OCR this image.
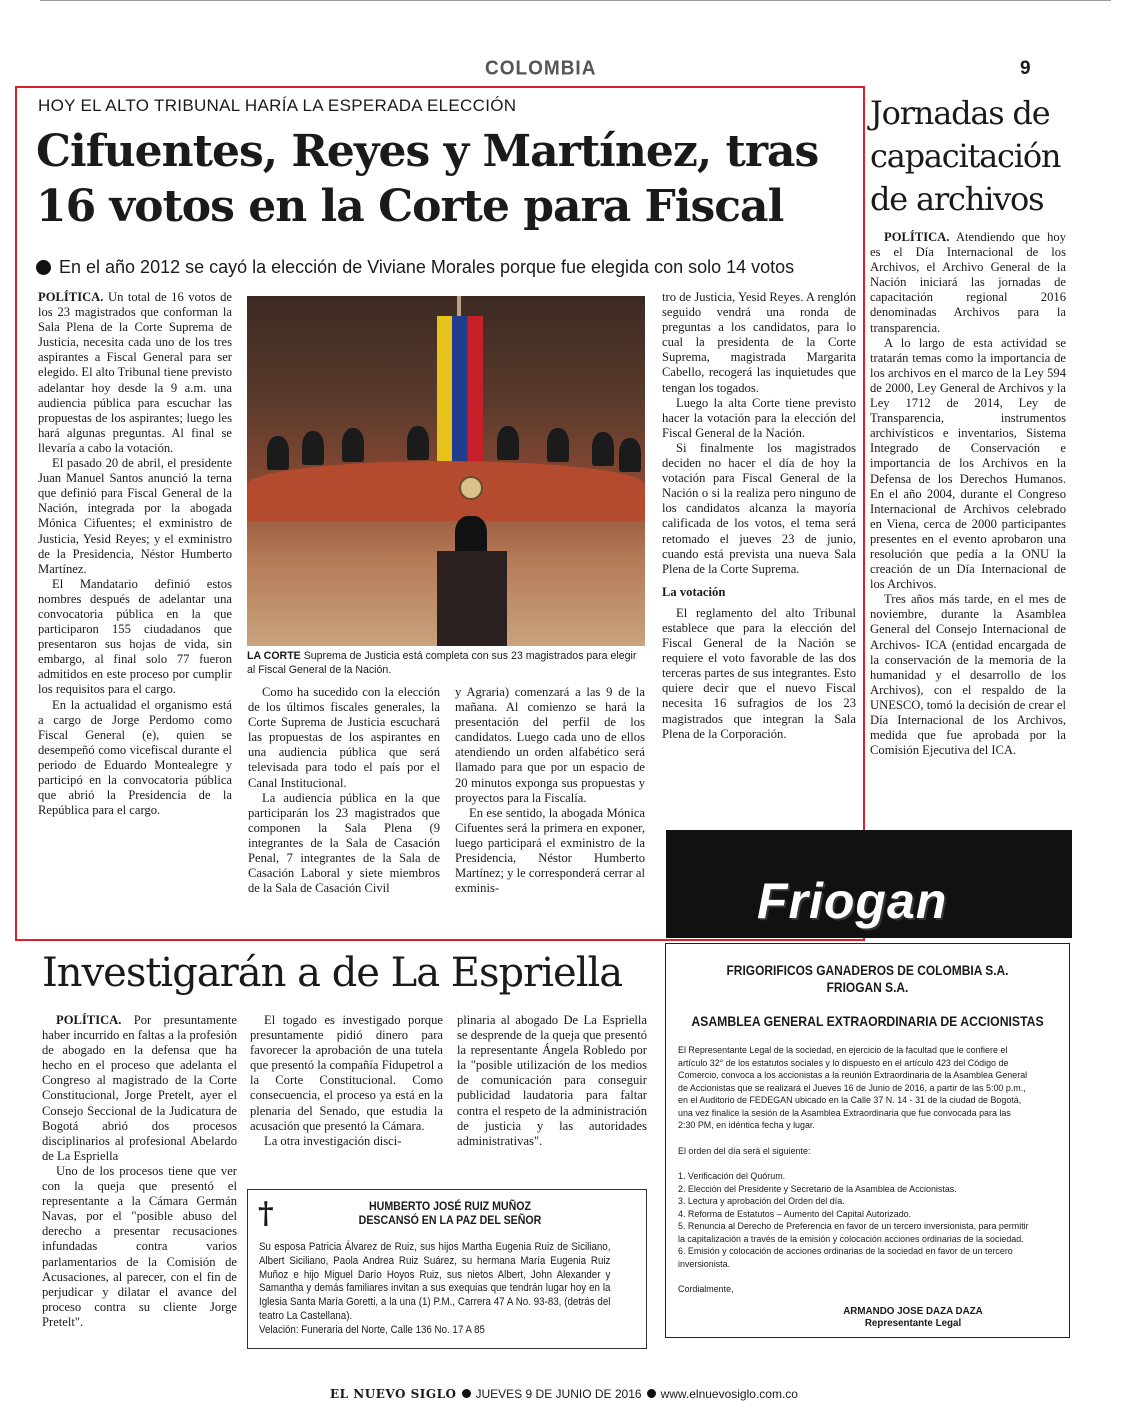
COLOMBIA	9
HOY EL ALTO TRIBUNAL HARÍA LA ESPERADA ELECCIÓN
Cifuentes, Reyes y Martínez, tras
16 votos en la Corte para Fiscal
En el año 2012 se cayó la elección de Viviane Morales porque fue elegida con solo 14 votos

POLÍTICA. Un total de 16 votos de los 23 magistrados que conforman la Sala Plena de la Corte Suprema de Justicia, necesita cada uno de los tres aspirantes a Fiscal General para ser elegido. El alto Tribunal tiene previsto adelantar hoy desde la 9 a.m. una audiencia pública para escuchar las propuestas de los aspirantes; luego les hará algunas preguntas. Al final se llevaría a cabo la votación.

El pasado 20 de abril, el presidente Juan Manuel Santos anunció la terna que definió para Fiscal General de la Nación, integrada por la abogada Mónica Cifuentes; el exministro de Justicia, Yesid Reyes; y el exministro de la Presidencia, Néstor Humberto Martínez.

El Mandatario definió estos nombres después de adelantar una convocatoria pública en la que participaron 155 ciudadanos que presentaron sus hojas de vida, sin embargo, al final solo 77 fueron admitidos en este proceso por cumplir los requisitos para el cargo.

En la actualidad el organismo está a cargo de Jorge Perdomo como Fiscal General (e), quien se desempeñó como vicefiscal durante el periodo de Eduardo Montealegre y participó en la convocatoria pública que abrió la Presidencia de la República para el cargo.

LA CORTE Suprema de Justicia está completa con sus 23 magistrados para elegir al Fiscal General de la Nación.

Como ha sucedido con la elección de los últimos fiscales generales, la Corte Suprema de Justicia escuchará las propuestas de los aspirantes en una audiencia pública que será televisada para todo el país por el Canal Institucional.

La audiencia pública en la que participarán los 23 magistrados que componen la Sala Plena (9 integrantes de la Sala de Casación Penal, 7 integrantes de la Sala de Casación Laboral y siete miembros de la Sala de Casación Civil

y Agraria) comenzará a las 9 de la mañana. Al comienzo se hará la presentación del perfil de los candidatos. Luego cada uno de ellos atendiendo un orden alfabético será llamado para que por un espacio de 20 minutos exponga sus propuestas y proyectos para la Fiscalía.

En ese sentido, la abogada Mónica Cifuentes será la primera en exponer, luego participará el exministro de la Presidencia, Néstor Humberto Martínez; y le corresponderá cerrar al exminis-

tro de Justicia, Yesid Reyes. A renglón seguido vendrá una ronda de preguntas a los candidatos, para lo cual la presidenta de la Corte Suprema, magistrada Margarita Cabello, recogerá las inquietudes que tengan los togados.

Luego la alta Corte tiene previsto hacer la votación para la elección del Fiscal General de la Nación.

Si finalmente los magistrados deciden no hacer el día de hoy la votación para Fiscal General de la Nación o si la realiza pero ninguno de los candidatos alcanza la mayoría calificada de los votos, el tema será retomado el jueves 23 de junio, cuando está prevista una nueva Sala Plena de la Corte Suprema.

La votación

El reglamento del alto Tribunal establece que para la elección del Fiscal General de la Nación se requiere el voto favorable de las dos terceras partes de sus integrantes. Esto quiere decir que el nuevo Fiscal necesita 16 sufragios de los 23 magistrados que integran la Sala Plena de la Corporación.

Jornadas de
capacitación
de archivos

POLÍTICA. Atendiendo que hoy es el Día Internacional de los Archivos, el Archivo General de la Nación iniciará las jornadas de capacitación regional 2016 denominadas Archivos para la transparencia.

A lo largo de esta actividad se tratarán temas como la importancia de los archivos en el marco de la Ley 594 de 2000, Ley General de Archivos y la Ley 1712 de 2014, Ley de Transparencia, instrumentos archivísticos e inventarios, Sistema Integrado de Conservación e importancia de los Archivos en la Defensa de los Derechos Humanos. En el año 2004, durante el Congreso Internacional de Archivos celebrado en Viena, cerca de 2000 participantes presentes en el evento aprobaron una resolución que pedía a la ONU la creación de un Día Internacional de los Archivos.

Tres años más tarde, en el mes de noviembre, durante la Asamblea General del Consejo Internacional de Archivos- ICA (entidad encargada de la conservación de la memoria de la humanidad y el desarrollo de los Archivos), con el respaldo de la UNESCO, tomó la decisión de crear el Día Internacional de los Archivos, medida que fue aprobada por la Comisión Ejecutiva del ICA.

Friogan
FRIGORIFICOS GANADEROS DE COLOMBIA S.A.
FRIOGAN S.A.
ASAMBLEA GENERAL EXTRAORDINARIA DE ACCIONISTAS

El Representante Legal de la sociedad, en ejercicio de la facultad que le confiere el artículo 32° de los estatutos sociales y lo dispuesto en el artículo 423 del Código de Comercio, convoca a los accionistas a la reunión Extraordinaria de la Asamblea General de Accionistas que se realizará el Jueves 16 de Junio de 2016, a partir de las 5:00 p.m., en el Auditorio de FEDEGAN ubicado en la Calle 37 N. 14 - 31 de la ciudad de Bogotá, una vez finalice la sesión de la Asamblea Extraordinaria que fue convocada para las 2:30 PM, en idéntica fecha y lugar.

El orden del día será el siguiente:

1. Verificación del Quórum.
2. Elección del Presidente y Secretario de la Asamblea de Accionistas.
3. Lectura y aprobación del Orden del día.
4. Reforma de Estatutos – Aumento del Capital Autorizado.
5. Renuncia al Derecho de Preferencia en favor de un tercero inversionista, para permitir la capitalización a través de la emisión y colocación acciones ordinarias de la sociedad.
6. Emisión y colocación de acciones ordinarias de la sociedad en favor de un tercero inversionista.

Cordialmente,

ARMANDO JOSE DAZA DAZA
Representante Legal
Investigarán a de La Espriella

POLÍTICA. Por presuntamente haber incurrido en faltas a la profesión de abogado en la defensa que ha hecho en el proceso que adelanta el Congreso al magistrado de la Corte Constitucional, Jorge Pretelt, ayer el Consejo Seccional de la Judicatura de Bogotá abrió dos procesos disciplinarios al profesional Abelardo de La Espriella

Uno de los procesos tiene que ver con la queja que presentó el representante a la Cámara Germán Navas, por el "posible abuso del derecho a presentar recusaciones infundadas contra varios parlamentarios de la Comisión de Acusaciones, al parecer, con el fin de perjudicar y dilatar el avance del proceso contra su cliente Jorge Pretelt".

El togado es investigado porque presuntamente pidió dinero para favorecer la aprobación de una tutela que presentó la compañía Fidupetrol a la Corte Constitucional. Como consecuencia, el proceso ya está en la plenaria del Senado, que estudia la acusación que presentó la Cámara.

La otra investigación disci-

plinaria al abogado De La Espriella se desprende de la queja que presentó la representante Ángela Robledo por la "posible utilización de los medios de comunicación para conseguir publicidad laudatoria para faltar contra el respeto de la administración de justicia y las autoridades administrativas".

†	HUMBERTO JOSÉ RUIZ MUÑOZ
DESCANSÓ EN LA PAZ DEL SEÑOR
Su esposa Patricia Álvarez de Ruiz, sus hijos Martha Eugenia Ruiz de Siciliano, Albert Siciliano, Paola Andrea Ruiz Suárez, su hermana María Eugenia Ruiz Muñoz e hijo Miguel Darío Hoyos Ruiz, sus nietos Albert, John Alexander y Samantha y demás familiares invitan a sus exequias que tendrán lugar hoy en la Iglesia Santa María Goretti, a la una (1) P.M., Carrera 47 A No. 93-83, (detrás del teatro La Castellana).
Velación: Funeraria del Norte, Calle 136 No. 17 A 85
EL NUEVO SIGLO JUEVES 9 DE JUNIO DE 2016 www.elnuevosiglo.com.co
